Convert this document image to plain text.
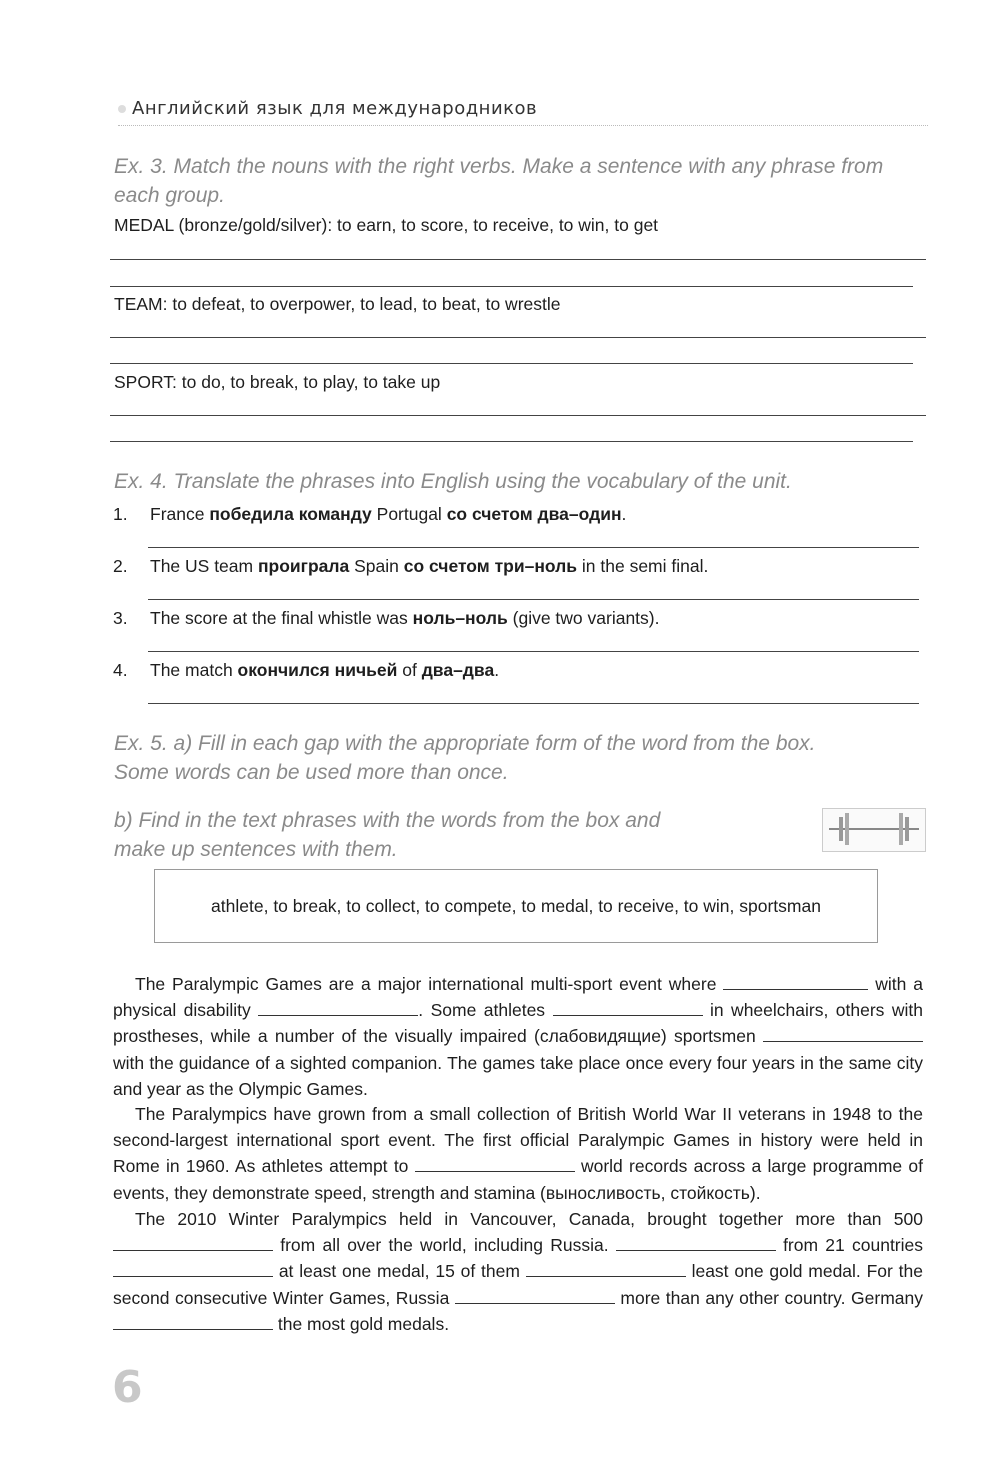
Английский язык для международников
Ex. 3. Match the nouns with the right verbs. Make a sentence with any phrase from each group.
MEDAL (bronze/gold/silver): to earn, to score, to receive, to win, to get
TEAM: to defeat, to overpower, to lead, to beat, to wrestle
SPORT: to do, to break, to play, to take up
Ex. 4. Translate the phrases into English using the vocabulary of the unit.
1. France победила команду Portugal со счетом два–один.
2. The US team проиграла Spain со счетом три–ноль in the semi final.
3. The score at the final whistle was ноль–ноль (give two variants).
4. The match окончился ничьей of два–два.
Ex. 5. a) Fill in each gap with the appropriate form of the word from the box. Some words can be used more than once.
b) Find in the text phrases with the words from the box and make up sentences with them.
athlete, to break, to collect, to compete, to medal, to receive, to win, sportsman
The Paralympic Games are a major international multi-sport event where	with a physical disability	. Some athletes	in wheelchairs, others with prostheses, while a number of the visually impaired (слабовидящие) sportsmen  with the guidance of a sighted companion. The games take place once every four years in the same city and year as the Olympic Games.
The Paralympics have grown from a small collection of British World War II veterans in 1948 to the second-largest international sport event. The first official Paralympic Games in history were held in Rome in 1960. As athletes attempt to	world records across a large programme of events, they demonstrate speed, strength and stamina (выносливость, стойкость).
The 2010 Winter Paralympics held in Vancouver, Canada, brought together more than 500  from all over the world, including Russia.	from 21 countries  at least one medal, 15 of them	least one gold medal. For the second consecutive Winter Games, Russia	more than any other country. Germany  the most gold medals.
6
